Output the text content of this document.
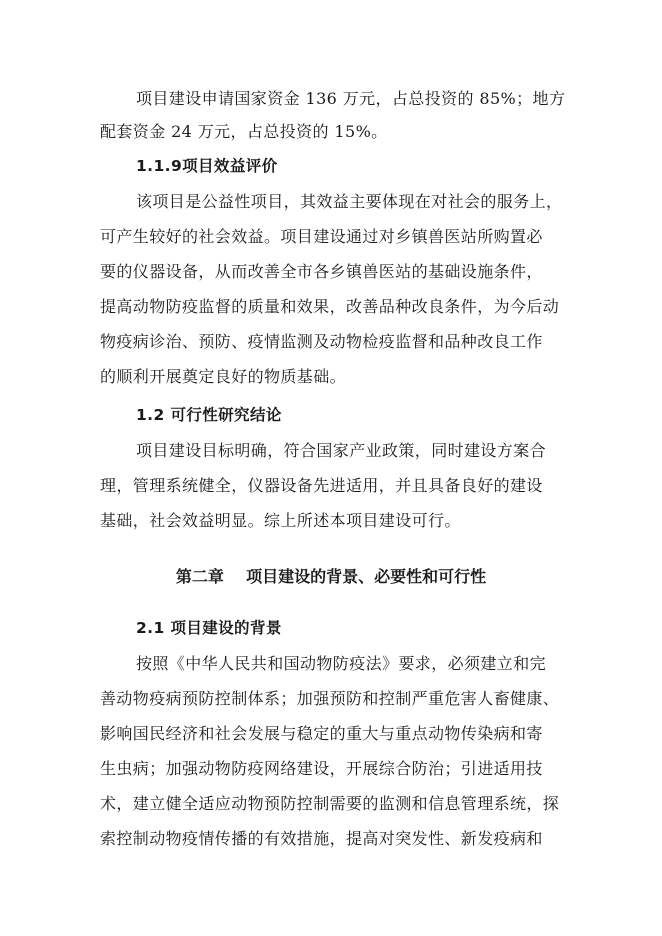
项目建设申请国家资金 136 万元，占总投资的 85%；地方
配套资金 24 万元，占总投资的 15%。
1.1.9项目效益评价
该项目是公益性项目，其效益主要体现在对社会的服务上，
可产生较好的社会效益。项目建设通过对乡镇兽医站所购置必
要的仪器设备，从而改善全市各乡镇兽医站的基础设施条件，
提高动物防疫监督的质量和效果，改善品种改良条件，为今后动
物疫病诊治、预防、疫情监测及动物检疫监督和品种改良工作
的顺利开展奠定良好的物质基础。
1.2 可行性研究结论
项目建设目标明确，符合国家产业政策，同时建设方案合
理，管理系统健全，仪器设备先进适用，并且具备良好的建设
基础，社会效益明显。综上所述本项目建设可行。
第二章    项目建设的背景、必要性和可行性
2.1 项目建设的背景
按照《中华人民共和国动物防疫法》要求，必须建立和完
善动物疫病预防控制体系；加强预防和控制严重危害人畜健康、
影响国民经济和社会发展与稳定的重大与重点动物传染病和寄
生虫病；加强动物防疫网络建设，开展综合防治；引进适用技
术，建立健全适应动物预防控制需要的监测和信息管理系统，探
索控制动物疫情传播的有效措施，提高对突发性、新发疫病和
